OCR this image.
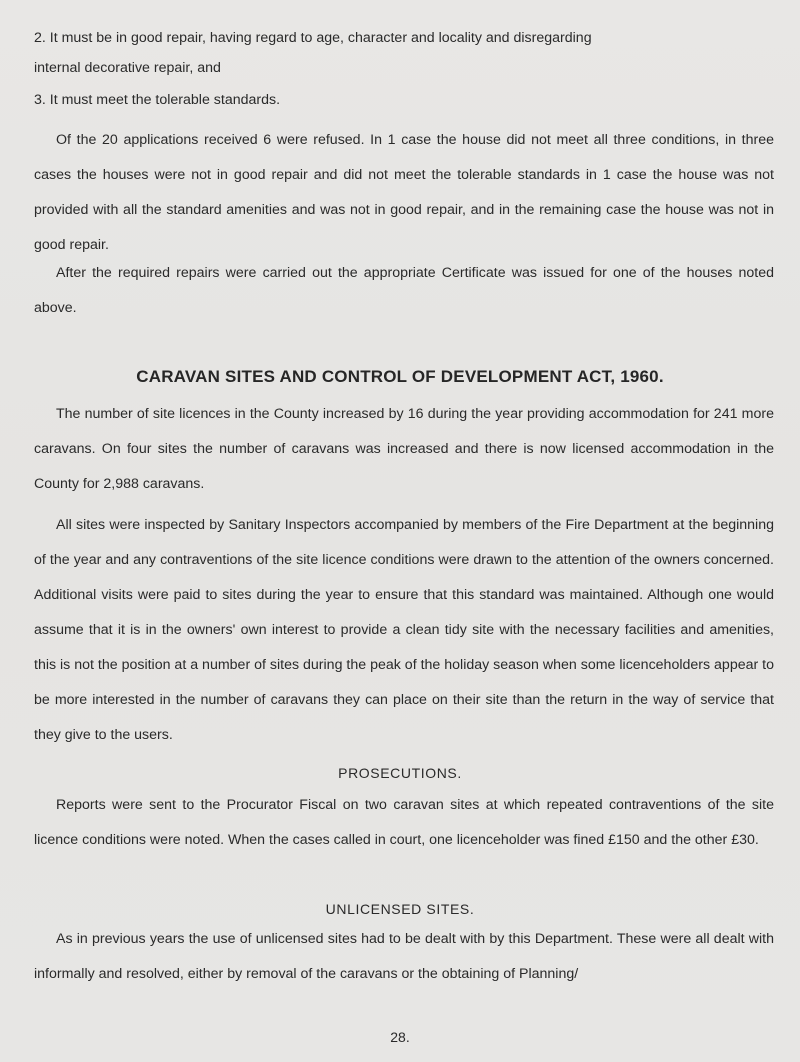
2. It must be in good repair, having regard to age, character and locality and disregarding
internal decorative repair, and
3. It must meet the tolerable standards.

Of the 20 applications received 6 were refused. In 1 case the house did not meet all three conditions, in three cases the houses were not in good repair and did not meet the tolerable standards in 1 case the house was not provided with all the standard amenities and was not in good repair, and in the remaining case the house was not in good repair.

After the required repairs were carried out the appropriate Certificate was issued for one of the houses noted above.

CARAVAN SITES AND CONTROL OF DEVELOPMENT ACT, 1960.

The number of site licences in the County increased by 16 during the year providing accommodation for 241 more caravans. On four sites the number of caravans was increased and there is now licensed accommodation in the County for 2,988 caravans.

All sites were inspected by Sanitary Inspectors accompanied by members of the Fire Department at the beginning of the year and any contraventions of the site licence conditions were drawn to the attention of the owners concerned. Additional visits were paid to sites during the year to ensure that this standard was maintained. Although one would assume that it is in the owners' own interest to provide a clean tidy site with the necessary facilities and amenities, this is not the position at a number of sites during the peak of the holiday season when some licenceholders appear to be more interested in the number of caravans they can place on their site than the return in the way of service that they give to the users.

PROSECUTIONS.

Reports were sent to the Procurator Fiscal on two caravan sites at which repeated contraventions of the site licence conditions were noted. When the cases called in court, one licenceholder was fined £150 and the other £30.

UNLICENSED SITES.

As in previous years the use of unlicensed sites had to be dealt with by this Department. These were all dealt with informally and resolved, either by removal of the caravans or the obtaining of Planning/

28.
